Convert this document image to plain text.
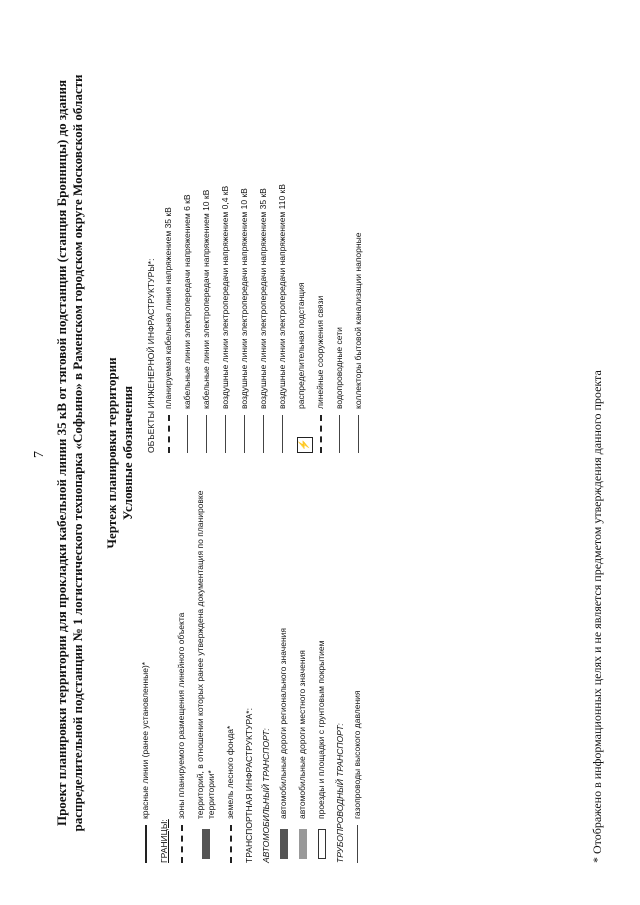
7 Проект планировки территории для прокладки кабельной линии 35 кВ от тяговой подстанции (станция Бронницы) до здания распределительной подстанции № 1 логистического технопарка «Софьино» в Раменском городском округе Московской области Чертеж планировки территории Условные обозначения
красные линии (ранее установленные)*
ГРАНИЦЫ:
зоны планируемого размещения линейного объекта территорий, в отношении которых ранее утверждена документация по планировке территории* земель лесного фонда* ТРАНСПОРТНАЯ ИНФРАСТРУКТУРА*: АВТОМОБИЛЬНЫЙ ТРАНСПОРТ: автомобильные дороги регионального значения автомобильные дороги местного значения проезды и площадки с грунтовым покрытием ТРУБОПРОВОДНЫЙ ТРАНСПОРТ: газопроводы высокого давления
ОБЪЕКТЫ ИНЖЕНЕРНОЙ ИНФРАСТРУКТУРЫ*: планируемая кабельная линия напряжением 35 кВ кабельные линии электропередачи напряжением 6 кВ кабельные линии электропередачи напряжением 10 кВ воздушные линии электропередачи напряжением 0,4 кВ воздушные линии электропередачи напряжением 10 кВ воздушные линии электропередачи напряжением 35 кВ воздушные линии электропередачи напряжением 110 кВ
⚡
распределительная подстанция линейные сооружения связи водопроводные сети коллекторы бытовой канализации напорные
* Отображено в информационных целях и не является предметом утверждения данного проекта
